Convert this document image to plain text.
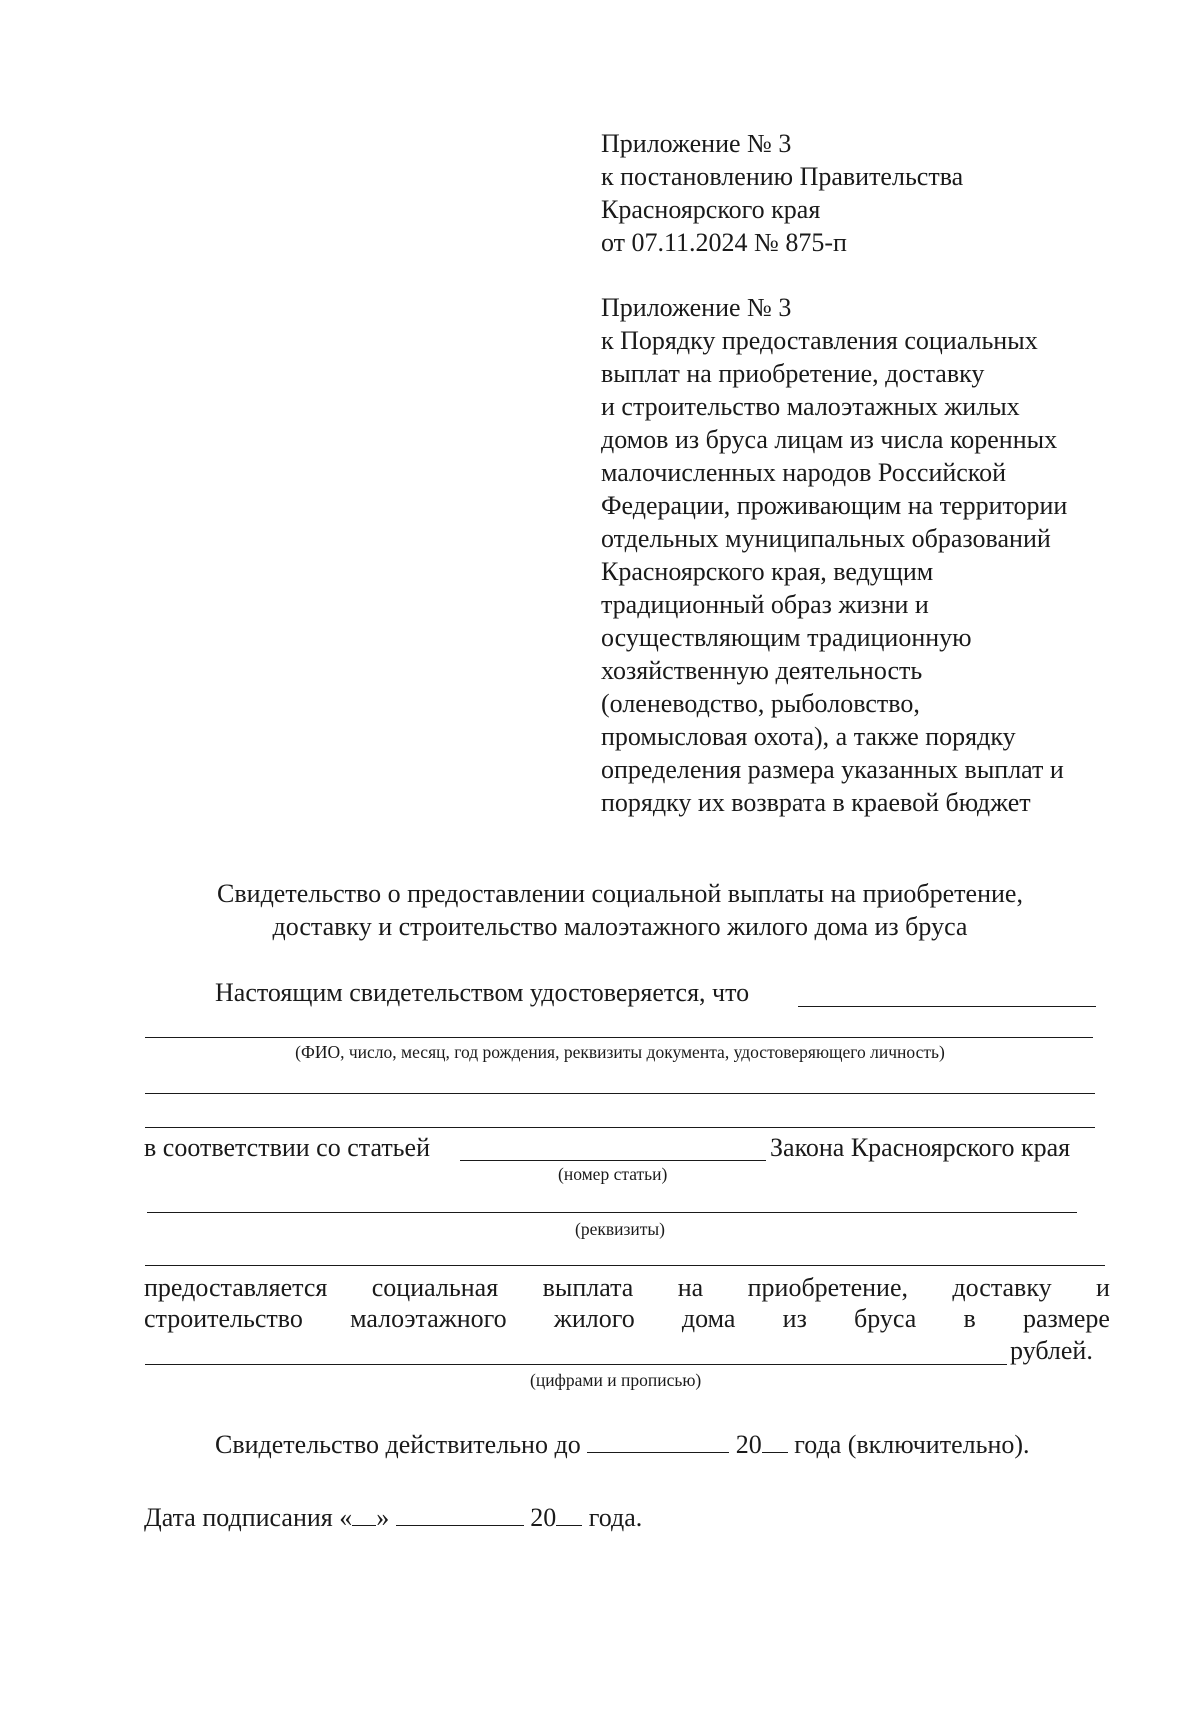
Приложение № 3
к постановлению Правительства
Красноярского края
от 07.11.2024 № 875-п
Приложение № 3
к Порядку предоставления социальных
выплат на приобретение, доставку
и строительство малоэтажных жилых
домов из бруса лицам из числа коренных
малочисленных народов Российской
Федерации, проживающим на территории
отдельных муниципальных образований
Красноярского края, ведущим
традиционный образ жизни и
осуществляющим традиционную
хозяйственную деятельность
(оленеводство, рыболовство,
промысловая охота), а также порядку
определения размера указанных выплат и
порядку их возврата в краевой бюджет
Свидетельство о предоставлении социальной выплаты на приобретение,
доставку и строительство малоэтажного жилого дома из бруса
Настоящим свидетельством удостоверяется, что
(ФИО, число, месяц, год рождения, реквизиты документа, удостоверяющего личность)
в соответствии со статьей	Закона Красноярского края
(номер статьи)
(реквизиты)
предоставляется социальная выплата на приобретение, доставку и
строительство малоэтажного жилого дома из бруса в размере
рублей.
(цифрами и прописью)
Свидетельство действительно до	20 года (включительно).
Дата подписания « »	20 года.
